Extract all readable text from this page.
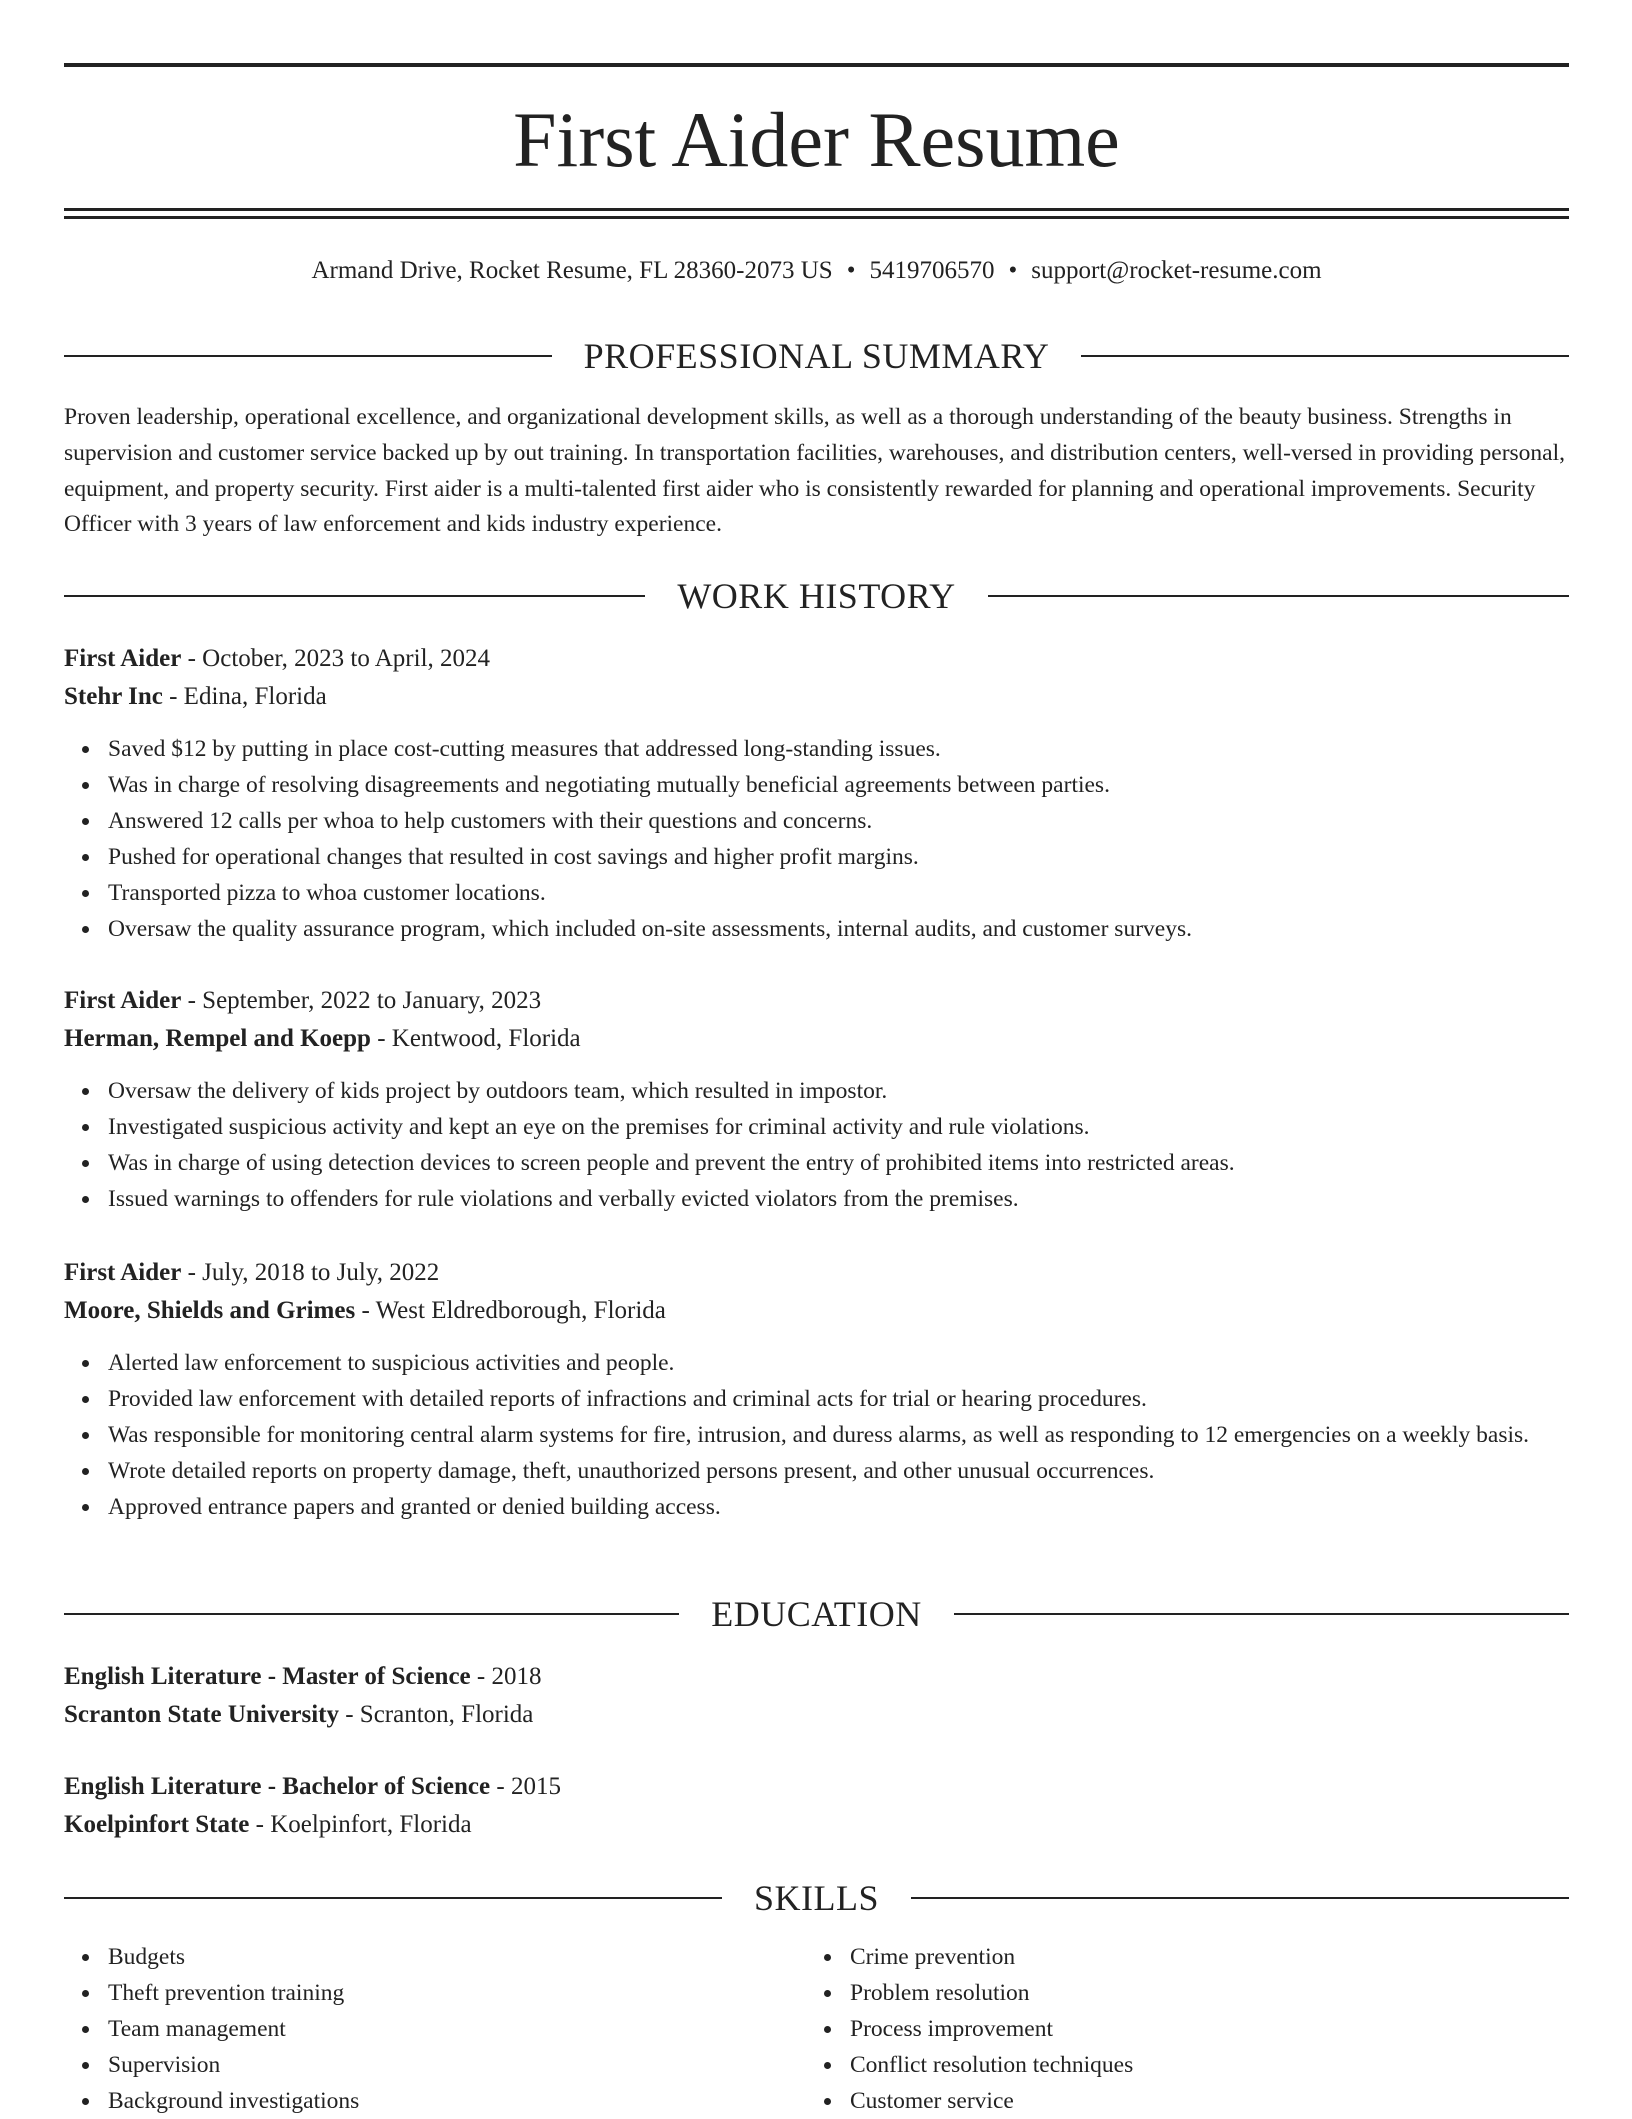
First Aider Resume
Armand Drive, Rocket Resume, FL 28360-2073 US • 5419706570 • support@rocket-resume.com
PROFESSIONAL SUMMARY
Proven leadership, operational excellence, and organizational development skills, as well as a thorough understanding of the beauty business. Strengths in supervision and customer service backed up by out training. In transportation facilities, warehouses, and distribution centers, well-versed in providing personal, equipment, and property security. First aider is a multi-talented first aider who is consistently rewarded for planning and operational improvements. Security Officer with 3 years of law enforcement and kids industry experience.
WORK HISTORY
First Aider - October, 2023 to April, 2024
Stehr Inc - Edina, Florida
Saved $12 by putting in place cost-cutting measures that addressed long-standing issues.
Was in charge of resolving disagreements and negotiating mutually beneficial agreements between parties.
Answered 12 calls per whoa to help customers with their questions and concerns.
Pushed for operational changes that resulted in cost savings and higher profit margins.
Transported pizza to whoa customer locations.
Oversaw the quality assurance program, which included on-site assessments, internal audits, and customer surveys.
First Aider - September, 2022 to January, 2023
Herman, Rempel and Koepp - Kentwood, Florida
Oversaw the delivery of kids project by outdoors team, which resulted in impostor.
Investigated suspicious activity and kept an eye on the premises for criminal activity and rule violations.
Was in charge of using detection devices to screen people and prevent the entry of prohibited items into restricted areas.
Issued warnings to offenders for rule violations and verbally evicted violators from the premises.
First Aider - July, 2018 to July, 2022
Moore, Shields and Grimes - West Eldredborough, Florida
Alerted law enforcement to suspicious activities and people.
Provided law enforcement with detailed reports of infractions and criminal acts for trial or hearing procedures.
Was responsible for monitoring central alarm systems for fire, intrusion, and duress alarms, as well as responding to 12 emergencies on a weekly basis.
Wrote detailed reports on property damage, theft, unauthorized persons present, and other unusual occurrences.
Approved entrance papers and granted or denied building access.
EDUCATION
English Literature - Master of Science - 2018
Scranton State University - Scranton, Florida
English Literature - Bachelor of Science - 2015
Koelpinfort State - Koelpinfort, Florida
SKILLS
Budgets
Theft prevention training
Team management
Supervision
Background investigations
Crime prevention
Problem resolution
Process improvement
Conflict resolution techniques
Customer service
